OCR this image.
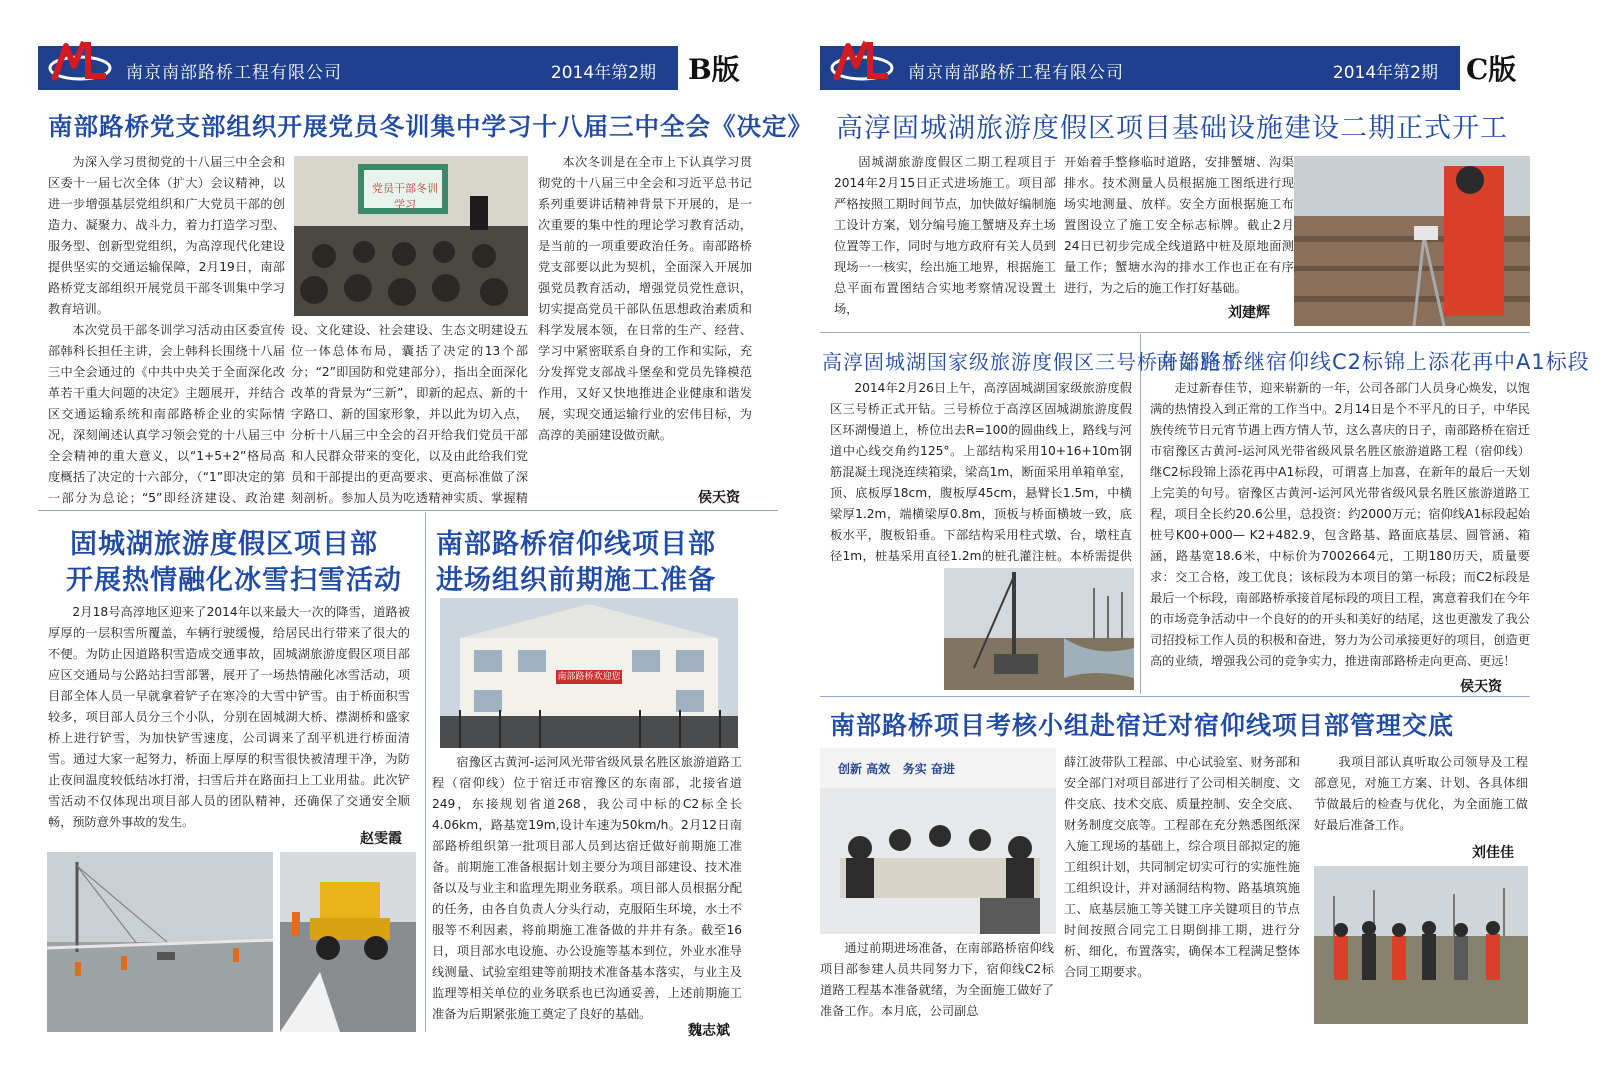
南京南部路桥工程有限公司	2014年第2期 B版
南部路桥党支部组织开展党员冬训集中学习十八届三中全会《决定》

为深入学习贯彻党的十八届三中全会和区委十一届七次全体（扩大）会议精神，以进一步增强基层党组织和广大党员干部的创造力、凝聚力、战斗力，着力打造学习型、服务型、创新型党组织，为高淳现代化建设提供坚实的交通运输保障，2月19日，南部路桥党支部组织开展党员干部冬训集中学习教育培训。

党员干部冬训学习

本次党员干部冬训学习活动由区委宣传部韩科长担任主讲，会上韩科长围绕十八届三中全会通过的《中共中央关于全面深化改革若干重大问题的决定》主题展开，并结合区交通运输系统和南部路桥企业的实际情况，深刻阐述认真学习领会党的十八届三中全会精神的重大意义，以“1+5+2”格局高度概括了决定的十六部分，（“1”即决定的第一部分为总论；“5”即经济建设、政治建设、文化建设、社会建设、生态文明建设五位一体总体布局，囊括了决定的13个部分；“2”即国防和党建部分），指出全面深化改革的背景为“三新”，即新的起点、新的十字路口、新的国家形象，并以此为切入点，分析十八届三中全会的召开给我们党员干部和人民群众带来的变化，以及由此给我们党员和干部提出的更高要求、更高标准做了深刻剖析。参加人员为吃透精神实质、掌握精

本次冬训是在全市上下认真学习贯彻党的十八届三中全会和习近平总书记系列重要讲话精神背景下开展的，是一次重要的集中性的理论学习教育活动，是当前的一项重要政治任务。南部路桥党支部要以此为契机，全面深入开展加强党员教育活动，增强党员党性意识，切实提高党员干部队伍思想政治素质和科学发展本领，在日常的生产、经营、学习中紧密联系自身的工作和实际，充分发挥党支部战斗堡垒和党员先锋模范作用，又好又快地推进企业健康和谐发展，实现交通运输行业的宏伟目标，为高淳的美丽建设做贡献。

侯天资
固城湖旅游度假区项目部
开展热情融化冰雪扫雪活动

2月18号高淳地区迎来了2014年以来最大一次的降雪，道路被厚厚的一层积雪所覆盖，车辆行驶缓慢，给居民出行带来了很大的不便。为防止因道路积雪造成交通事故，固城湖旅游度假区项目部应区交通局与公路站扫雪部署，展开了一场热情融化冰雪活动，项目部全体人员一早就拿着铲子在寒冷的大雪中铲雪。由于桥面积雪较多，项目部人员分三个小队，分别在固城湖大桥、襟湖桥和盛家桥上进行铲雪，为加快铲雪速度，公司调来了刮平机进行桥面清雪。通过大家一起努力，桥面上厚厚的积雪很快被清理干净，为防止夜间温度较低结冰打滑，扫雪后并在路面扫上工业用盐。此次铲雪活动不仅体现出项目部人员的团队精神，还确保了交通安全顺畅，预防意外事故的发生。

赵雯霞
南部路桥宿仰线项目部
进场组织前期施工准备
南部路桥欢迎您

宿豫区古黄河-运河风光带省级风景名胜区旅游道路工程（宿仰线）位于宿迁市宿豫区的东南部，北接省道249，东接规划省道268，我公司中标的C2标全长4.06km，路基宽19m,设计车速为50km/h。2月12日南部路桥组织第一批项目部人员到达宿迁做好前期施工准备。前期施工准备根据计划主要分为项目部建设、技术准备以及与业主和监理先期业务联系。项目部人员根据分配的任务，由各自负责人分头行动，克服陌生环境，水土不服等不利因素，将前期施工准备做的井井有条。截至16日，项目部水电设施、办公设施等基本到位，外业水准导线测量、试验室组建等前期技术准备基本落实，与业主及监理等相关单位的业务联系也已沟通妥善，上述前期施工准备为后期紧张施工奠定了良好的基础。

魏志斌
南京南部路桥工程有限公司	2014年第2期 C版
高淳固城湖旅游度假区项目基础设施建设二期正式开工

固城湖旅游度假区二期工程项目于2014年2月15日正式进场施工。项目部严格按照工期时间节点，加快做好编制施工设计方案，划分编号施工蟹塘及弃土场位置等工作，同时与地方政府有关人员到现场一一核实，绘出施工地界，根据施工总平面布置图结合实地考察情况设置土场，

开始着手整修临时道路，安排蟹塘、沟渠排水。技术测量人员根据施工图纸进行现场实地测量、放样。安全方面根据施工布置图设立了施工安全标志标牌。截止2月24日已初步完成全线道路中桩及原地面测量工作；蟹塘水沟的排水工作也正在有序进行，为之后的施工作打好基础。

刘建辉
高淳固城湖国家级旅游度假区三号桥开始施工

2014年2月26日上午，高淳固城湖国家级旅游度假区三号桥正式开钻。三号桥位于高淳区固城湖旅游度假区环湖慢道上，桥位出去R=100的圆曲线上，路线与河道中心线交角约125°。上部结构采用10+16+10m钢筋混凝土现浇连续箱梁，梁高1m，断面采用单箱单室，顶、底板厚18cm，腹板厚45cm，悬臂长1.5m，中横梁厚1.2m，端横梁厚0.8m，顶板与桥面横坡一致，底板水平，腹板铅垂。下部结构采用柱式墩、台，墩柱直径1m，桩基采用直径1.2m的桩孔灌注桩。本桥需提供

南部路桥继宿仰线C2标锦上添花再中A1标段

走过新春佳节，迎来崭新的一年，公司各部门人员身心焕发，以饱满的热情投入到正常的工作当中。2月14日是个不平凡的日子，中华民族传统节日元宵节遇上西方情人节，这么喜庆的日子，南部路桥在宿迁市宿豫区古黄河-运河风光带省级风景名胜区旅游道路工程（宿仰线）继C2标段锦上添花再中A1标段，可谓喜上加喜，在新年的最后一天划上完美的句号。宿豫区古黄河-运河风光带省级风景名胜区旅游道路工程，项目全长约20.6公里，总投资：约2000万元；宿仰线A1标段起始桩号K00+000— K2+482.9，包含路基、路面底基层、圆管涵、箱涵，路基宽18.6米，中标价为7002664元，工期180历天，质量要求：交工合格，竣工优良；该标段为本项目的第一标段；而C2标段是最后一个标段，南部路桥承接首尾标段的项目工程，寓意着我们在今年的市场竞争活动中一个良好的的开头和美好的结尾，这也更激发了我公司招投标工作人员的积极和奋进，努力为公司承接更好的项目，创造更高的业绩，增强我公司的竞争实力，推进南部路桥走向更高、更远！

侯天资
南部路桥项目考核小组赴宿迁对宿仰线项目部管理交底
创新 高效   务实 奋进

通过前期进场准备，在南部路桥宿仰线项目部参建人员共同努力下，宿仰线C2标道路工程基本准备就绪，为全面施工做好了准备工作。本月底，公司副总

薛江波带队工程部、中心试验室、财务部和安全部门对项目部进行了公司相关制度、文件交底、技术交底、质量控制、安全交底、财务制度交底等。工程部在充分熟悉图纸深入施工现场的基础上，综合项目部拟定的施工组织计划，共同制定切实可行的实施性施工组织设计，并对涵洞结构物、路基填筑施工、底基层施工等关键工序关键项目的节点时间按照合同完工日期倒排工期，进行分析、细化，布置落实，确保本工程满足整体合同工期要求。

我项目部认真听取公司领导及工程部意见，对施工方案、计划、各具体细节做最后的检查与优化，为全面施工做好最后准备工作。

刘佳佳
